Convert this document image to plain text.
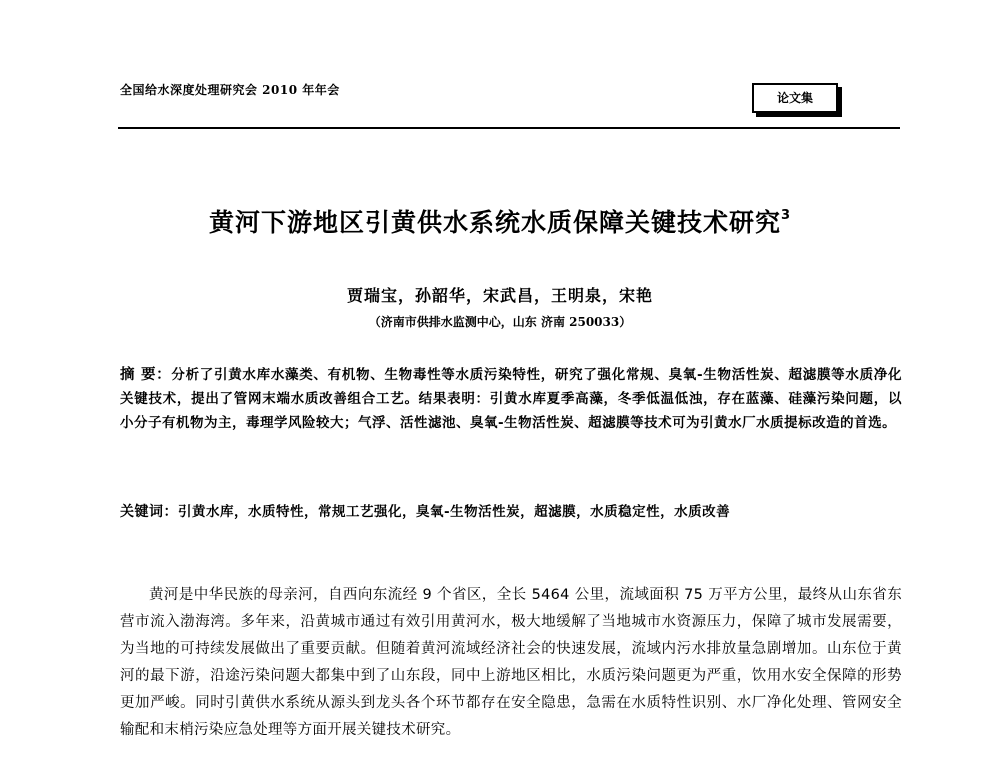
全国给水深度处理研究会 2010 年年会
论文集
黄河下游地区引黄供水系统水质保障关键技术研究$^3$
贾瑞宝，孙韶华，宋武昌，王明泉，宋艳
（济南市供排水监测中心，山东 济南 250033）
摘 要：分析了引黄水库水藻类、有机物、生物毒性等水质污染特性，研究了强化常规、臭氧-生物活性炭、超滤膜等水质净化关键技术，提出了管网末端水质改善组合工艺。结果表明：引黄水库夏季高藻，冬季低温低浊，存在蓝藻、硅藻污染问题，以小分子有机物为主，毒理学风险较大；气浮、活性滤池、臭氧-生物活性炭、超滤膜等技术可为引黄水厂水质提标改造的首选。
关键词：引黄水库，水质特性，常规工艺强化，臭氧-生物活性炭，超滤膜，水质稳定性，水质改善
黄河是中华民族的母亲河，自西向东流经 9 个省区，全长 5464 公里，流域面积 75 万平方公里，最终从山东省东营市流入渤海湾。多年来，沿黄城市通过有效引用黄河水，极大地缓解了当地城市水资源压力，保障了城市发展需要，为当地的可持续发展做出了重要贡献。但随着黄河流域经济社会的快速发展，流域内污水排放量急剧增加。山东位于黄河的最下游，沿途污染问题大都集中到了山东段，同中上游地区相比，水质污染问题更为严重，饮用水安全保障的形势更加严峻。同时引黄供水系统从源头到龙头各个环节都存在安全隐患，急需在水质特性识别、水厂净化处理、管网安全输配和末梢污染应急处理等方面开展关键技术研究。
